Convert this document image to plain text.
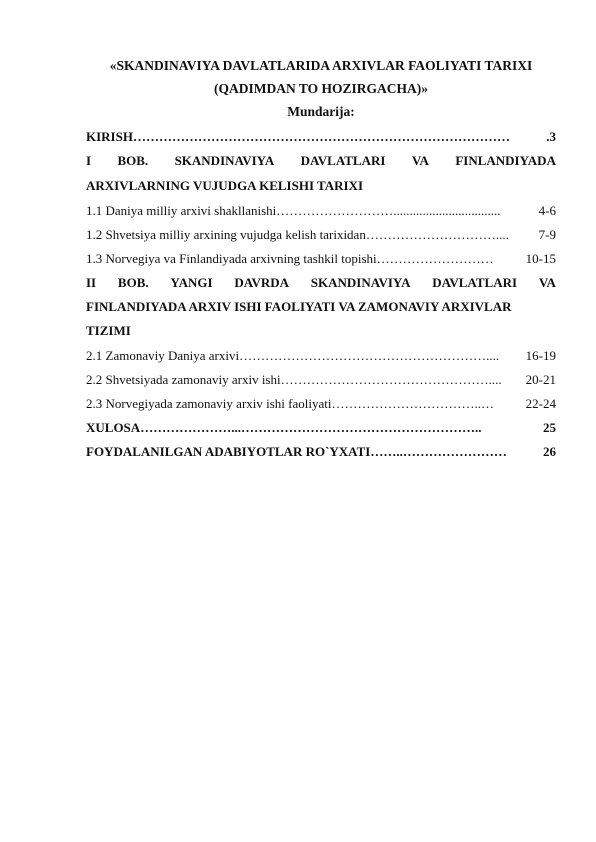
«SKANDINAVIYA DAVLATLARIDA ARXIVLAR FAOLIYATI TARIXI
(QADIMDAN TO HOZIRGACHA)»
Mundarija:
KIRISH ……………………………………………………………………………	.3
I BOB. SKANDINAVIYA DAVLATLARI VA FINLANDIYADA
ARXIVLARNING VUJUDGA KELISHI TARIXI
1.1 Daniya milliy arxivi shakllanishi ……………………….................................	4-6
1.2 Shvetsiya milliy arxining vujudga kelish tarixidan …………………………....	7-9
1.3 Norvegiya va Finlandiyada arxivning tashkil topishi ………………………	10-15
II BOB. YANGI DAVRDA SKANDINAVIYA DAVLATLARI VA
FINLANDIYADA ARXIV ISHI FAOLIYATI VA ZAMONAVIY ARXIVLAR
TIZIMI
2.1 Zamonaviy Daniya arxivi …………………………………………………....	16-19
2.2 Shvetsiyada zamonaviy arxiv ishi …………………………………………....	20-21
2.3 Norvegiyada zamonaviy arxiv ishi faoliyati ……………………………..…	22-24
XULOSA …………………...………………………………………………..	25
FOYDALANILGAN ADABIYOTLAR RO`YXATI ……..……………………	26
